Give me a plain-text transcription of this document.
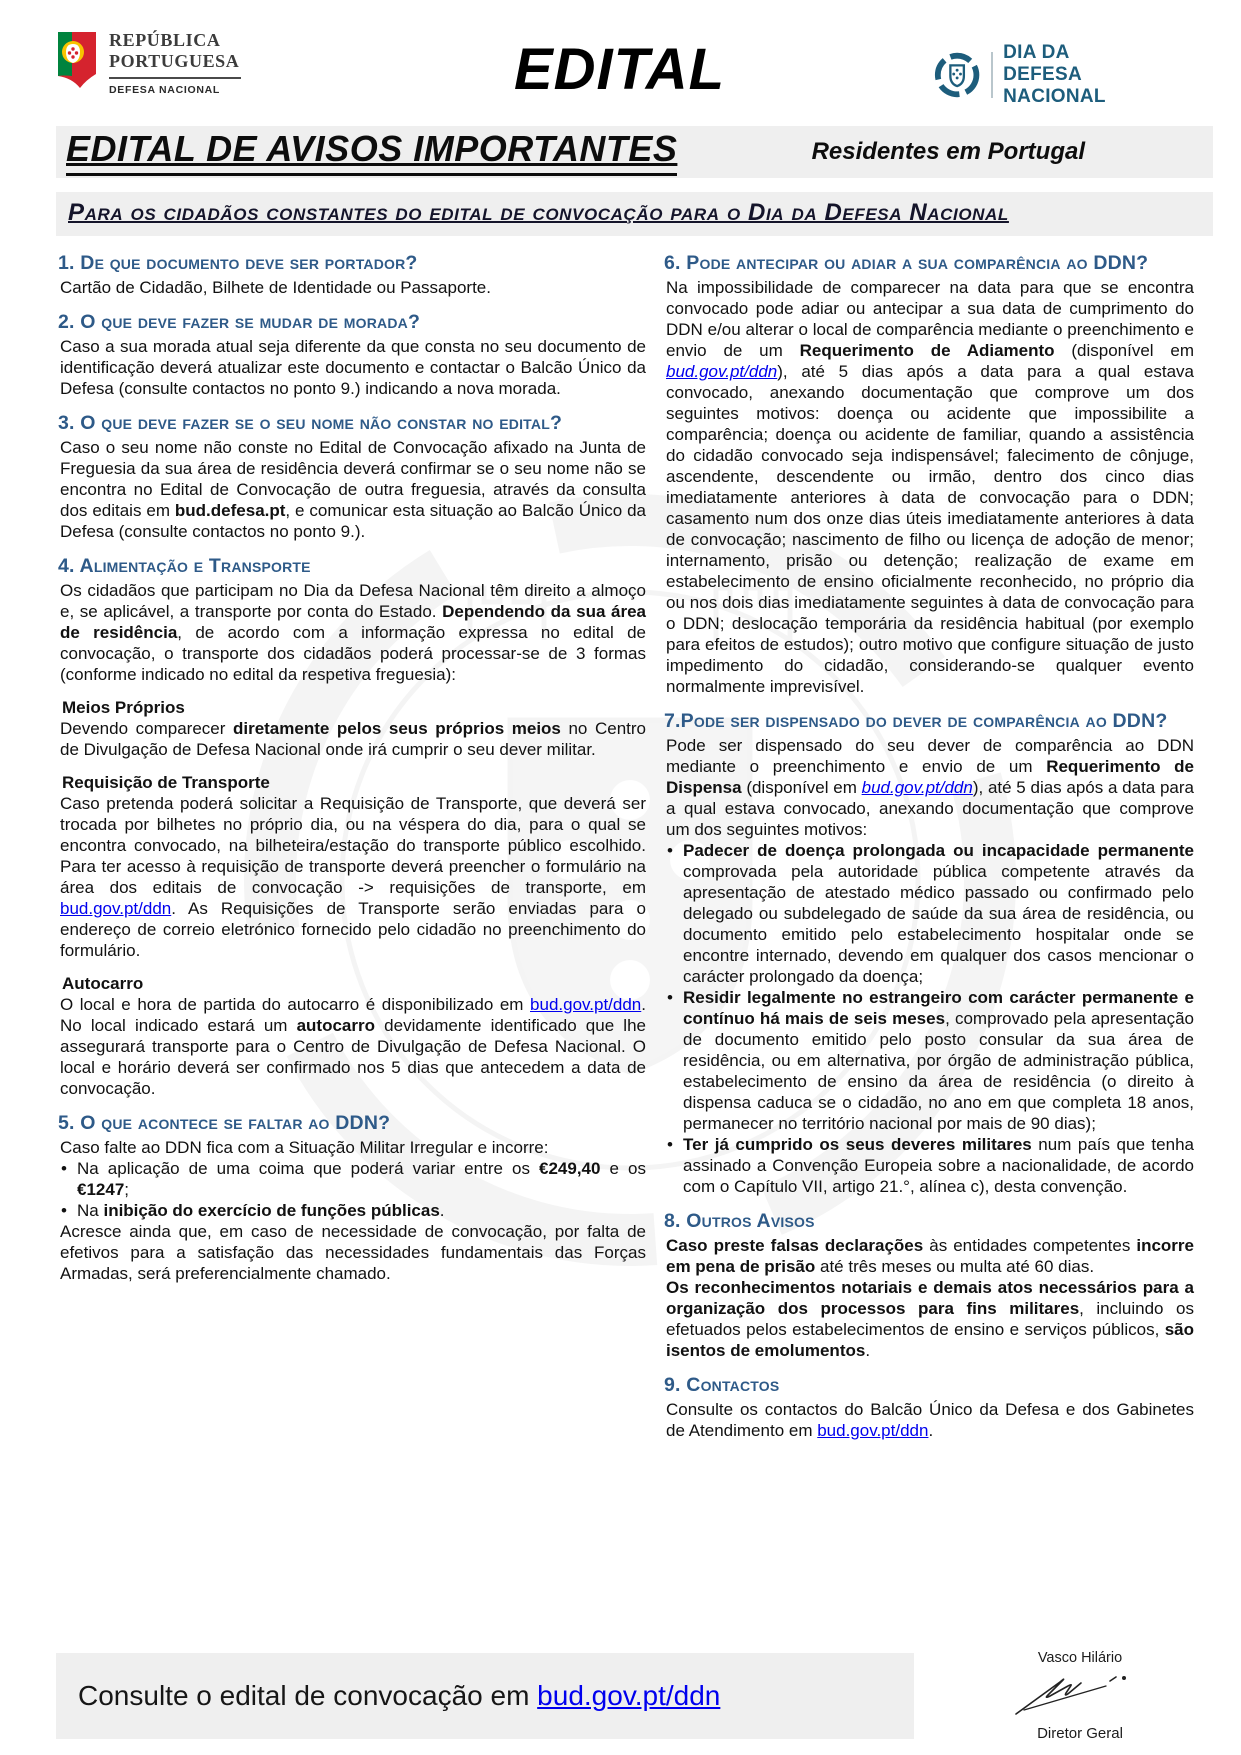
REPÚBLICA
PORTUGUESA
DEFESA NACIONAL	EDITAL	DIA DA
DEFESA NACIONAL
EDITAL DE AVISOS IMPORTANTES	Residentes em Portugal
Para os cidadãos constantes do edital de convocação para o Dia da Defesa Nacional
1. De que documento deve ser portador?

Cartão de Cidadão, Bilhete de Identidade ou Passaporte.

2. O que deve fazer se mudar de morada?

Caso a sua morada atual seja diferente da que consta no seu documento de identificação deverá atualizar este documento e contactar o Balcão Único da Defesa (consulte contactos no ponto 9.) indicando a nova morada.

3. O que deve fazer se o seu nome não constar no edital?

Caso o seu nome não conste no Edital de Convocação afixado na Junta de Freguesia da sua área de residência deverá confirmar se o seu nome não se encontra no Edital de Convocação de outra freguesia, através da consulta dos editais em bud.defesa.pt, e comunicar esta situação ao Balcão Único da Defesa (consulte contactos no ponto 9.).

4. Alimentação e Transporte

Os cidadãos que participam no Dia da Defesa Nacional têm direito a almoço e, se aplicável, a transporte por conta do Estado. Dependendo da sua área de residência, de acordo com a informação expressa no edital de convocação, o transporte dos cidadãos poderá processar-se de 3 formas (conforme indicado no edital da respetiva freguesia):

Meios Próprios

Devendo comparecer diretamente pelos seus próprios meios no Centro de Divulgação de Defesa Nacional onde irá cumprir o seu dever militar.

Requisição de Transporte

Caso pretenda poderá solicitar a Requisição de Transporte, que deverá ser trocada por bilhetes no próprio dia, ou na véspera do dia, para o qual se encontra convocado, na bilheteira/estação do transporte público escolhido. Para ter acesso à requisição de transporte deverá preencher o formulário na área dos editais de convocação -> requisições de transporte, em bud.gov.pt/ddn. As Requisições de Transporte serão enviadas para o endereço de correio eletrónico fornecido pelo cidadão no preenchimento do formulário.

Autocarro

O local e hora de partida do autocarro é disponibilizado em bud.gov.pt/ddn. No local indicado estará um autocarro devidamente identificado que lhe assegurará transporte para o Centro de Divulgação de Defesa Nacional. O local e horário deverá ser confirmado nos 5 dias que antecedem a data de convocação.

5. O que acontece se faltar ao DDN?

Caso falte ao DDN fica com a Situação Militar Irregular e incorre:

• Na aplicação de uma coima que poderá variar entre os €249,40 e os €1247;
• Na inibição do exercício de funções públicas.

Acresce ainda que, em caso de necessidade de convocação, por falta de efetivos para a satisfação das necessidades fundamentais das Forças Armadas, será preferencialmente chamado.

6. Pode antecipar ou adiar a sua comparência ao DDN?

Na impossibilidade de comparecer na data para que se encontra convocado pode adiar ou antecipar a sua data de cumprimento do DDN e/ou alterar o local de comparência mediante o preenchimento e envio de um Requerimento de Adiamento (disponível em bud.gov.pt/ddn), até 5 dias após a data para a qual estava convocado, anexando documentação que comprove um dos seguintes motivos: doença ou acidente que impossibilite a comparência; doença ou acidente de familiar, quando a assistência do cidadão convocado seja indispensável; falecimento de cônjuge, ascendente, descendente ou irmão, dentro dos cinco dias imediatamente anteriores à data de convocação para o DDN; casamento num dos onze dias úteis imediatamente anteriores à data de convocação; nascimento de filho ou licença de adoção de menor; internamento, prisão ou detenção; realização de exame em estabelecimento de ensino oficialmente reconhecido, no próprio dia ou nos dois dias imediatamente seguintes à data de convocação para o DDN; deslocação temporária da residência habitual (por exemplo para efeitos de estudos); outro motivo que configure situação de justo impedimento do cidadão, considerando-se qualquer evento normalmente imprevisível.

7.Pode ser dispensado do dever de comparência ao DDN?

Pode ser dispensado do seu dever de comparência ao DDN mediante o preenchimento e envio de um Requerimento de Dispensa (disponível em bud.gov.pt/ddn), até 5 dias após a data para a qual estava convocado, anexando documentação que comprove um dos seguintes motivos:

• Padecer de doença prolongada ou incapacidade permanente comprovada pela autoridade pública competente através da apresentação de atestado médico passado ou confirmado pelo delegado ou subdelegado de saúde da sua área de residência, ou documento emitido pelo estabelecimento hospitalar onde se encontre internado, devendo em qualquer dos casos mencionar o carácter prolongado da doença;
• Residir legalmente no estrangeiro com carácter permanente e contínuo há mais de seis meses, comprovado pela apresentação de documento emitido pelo posto consular da sua área de residência, ou em alternativa, por órgão de administração pública, estabelecimento de ensino da área de residência (o direito à dispensa caduca se o cidadão, no ano em que completa 18 anos, permanecer no território nacional por mais de 90 dias);
• Ter já cumprido os seus deveres militares num país que tenha assinado a Convenção Europeia sobre a nacionalidade, de acordo com o Capítulo VII, artigo 21.°, alínea c), desta convenção.
8. Outros Avisos

Caso preste falsas declarações às entidades competentes incorre em pena de prisão até três meses ou multa até 60 dias.

Os reconhecimentos notariais e demais atos necessários para a organização dos processos para fins militares, incluindo os efetuados pelos estabelecimentos de ensino e serviços públicos, são isentos de emolumentos.

9. Contactos

Consulte os contactos do Balcão Único da Defesa e dos Gabinetes de Atendimento em bud.gov.pt/ddn.

Consulte o edital de convocação em bud.gov.pt/ddn
Vasco Hilário
Diretor Geral
